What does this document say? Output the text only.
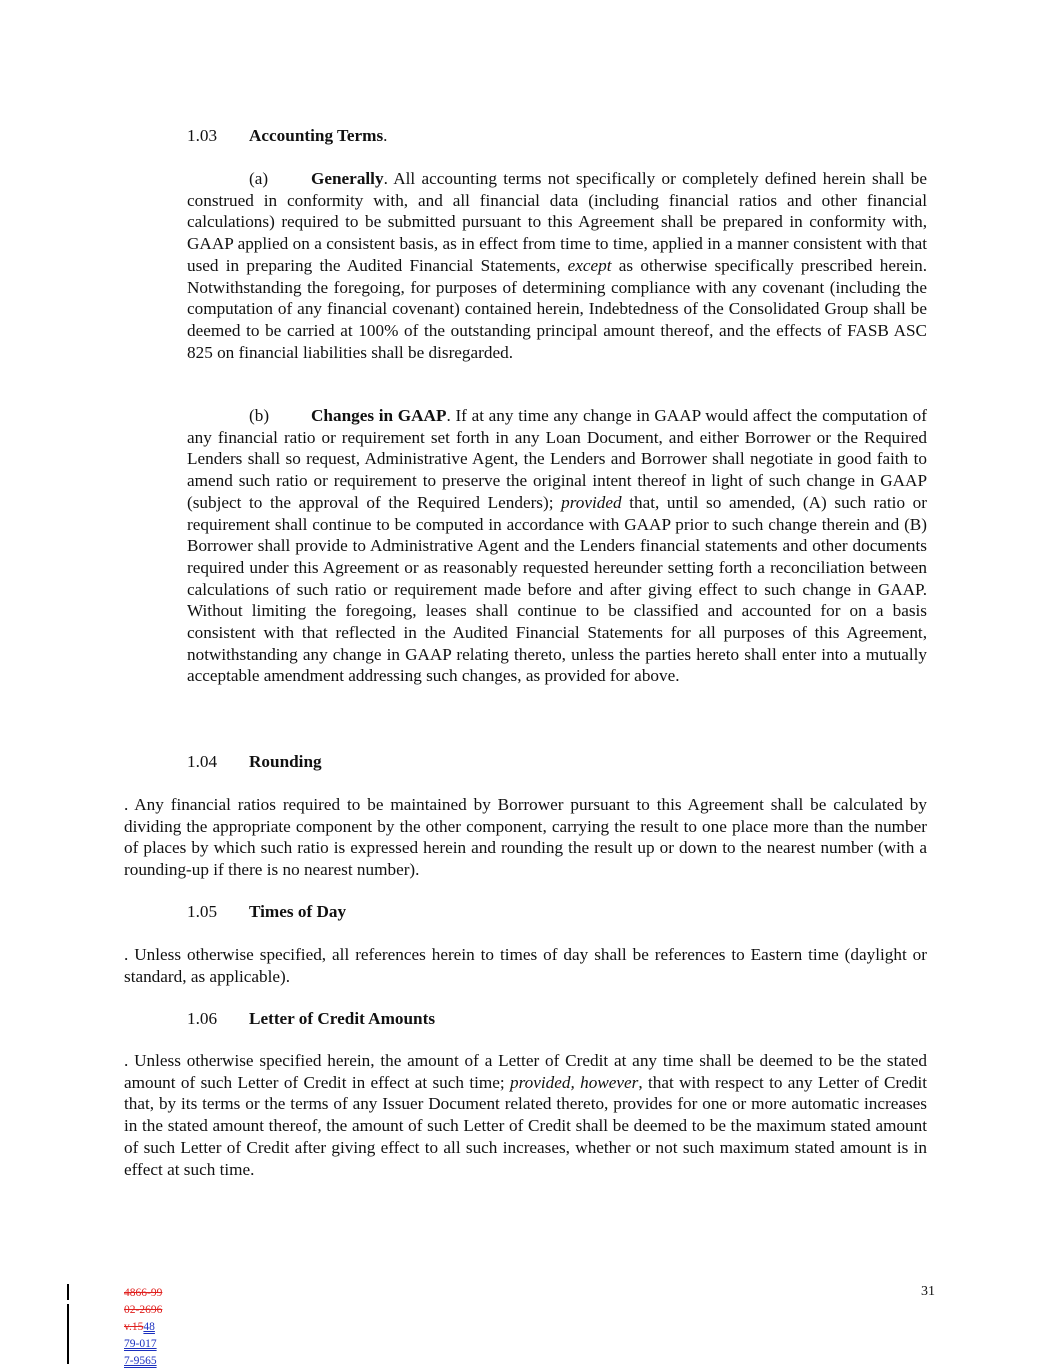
1.03 Accounting Terms.
(a) Generally. All accounting terms not specifically or completely defined herein shall be construed in conformity with, and all financial data (including financial ratios and other financial calculations) required to be submitted pursuant to this Agreement shall be prepared in conformity with, GAAP applied on a consistent basis, as in effect from time to time, applied in a manner consistent with that used in preparing the Audited Financial Statements, except as otherwise specifically prescribed herein. Notwithstanding the foregoing, for purposes of determining compliance with any covenant (including the computation of any financial covenant) contained herein, Indebtedness of the Consolidated Group shall be deemed to be carried at 100% of the outstanding principal amount thereof, and the effects of FASB ASC 825 on financial liabilities shall be disregarded.
(b) Changes in GAAP. If at any time any change in GAAP would affect the computation of any financial ratio or requirement set forth in any Loan Document, and either Borrower or the Required Lenders shall so request, Administrative Agent, the Lenders and Borrower shall negotiate in good faith to amend such ratio or requirement to preserve the original intent thereof in light of such change in GAAP (subject to the approval of the Required Lenders); provided that, until so amended, (A) such ratio or requirement shall continue to be computed in accordance with GAAP prior to such change therein and (B) Borrower shall provide to Administrative Agent and the Lenders financial statements and other documents required under this Agreement or as reasonably requested hereunder setting forth a reconciliation between calculations of such ratio or requirement made before and after giving effect to such change in GAAP. Without limiting the foregoing, leases shall continue to be classified and accounted for on a basis consistent with that reflected in the Audited Financial Statements for all purposes of this Agreement, notwithstanding any change in GAAP relating thereto, unless the parties hereto shall enter into a mutually acceptable amendment addressing such changes, as provided for above.
1.04 Rounding
. Any financial ratios required to be maintained by Borrower pursuant to this Agreement shall be calculated by dividing the appropriate component by the other component, carrying the result to one place more than the number of places by which such ratio is expressed herein and rounding the result up or down to the nearest number (with a rounding-up if there is no nearest number).
1.05 Times of Day
. Unless otherwise specified, all references herein to times of day shall be references to Eastern time (daylight or standard, as applicable).
1.06 Letter of Credit Amounts
. Unless otherwise specified herein, the amount of a Letter of Credit at any time shall be deemed to be the stated amount of such Letter of Credit in effect at such time; provided, however, that with respect to any Letter of Credit that, by its terms or the terms of any Issuer Document related thereto, provides for one or more automatic increases in the stated amount thereof, the amount of such Letter of Credit shall be deemed to be the maximum stated amount of such Letter of Credit after giving effect to all such increases, whether or not such maximum stated amount is in effect at such time.
4866-99
02-2696
v.1548
79-017
7-9565
31
